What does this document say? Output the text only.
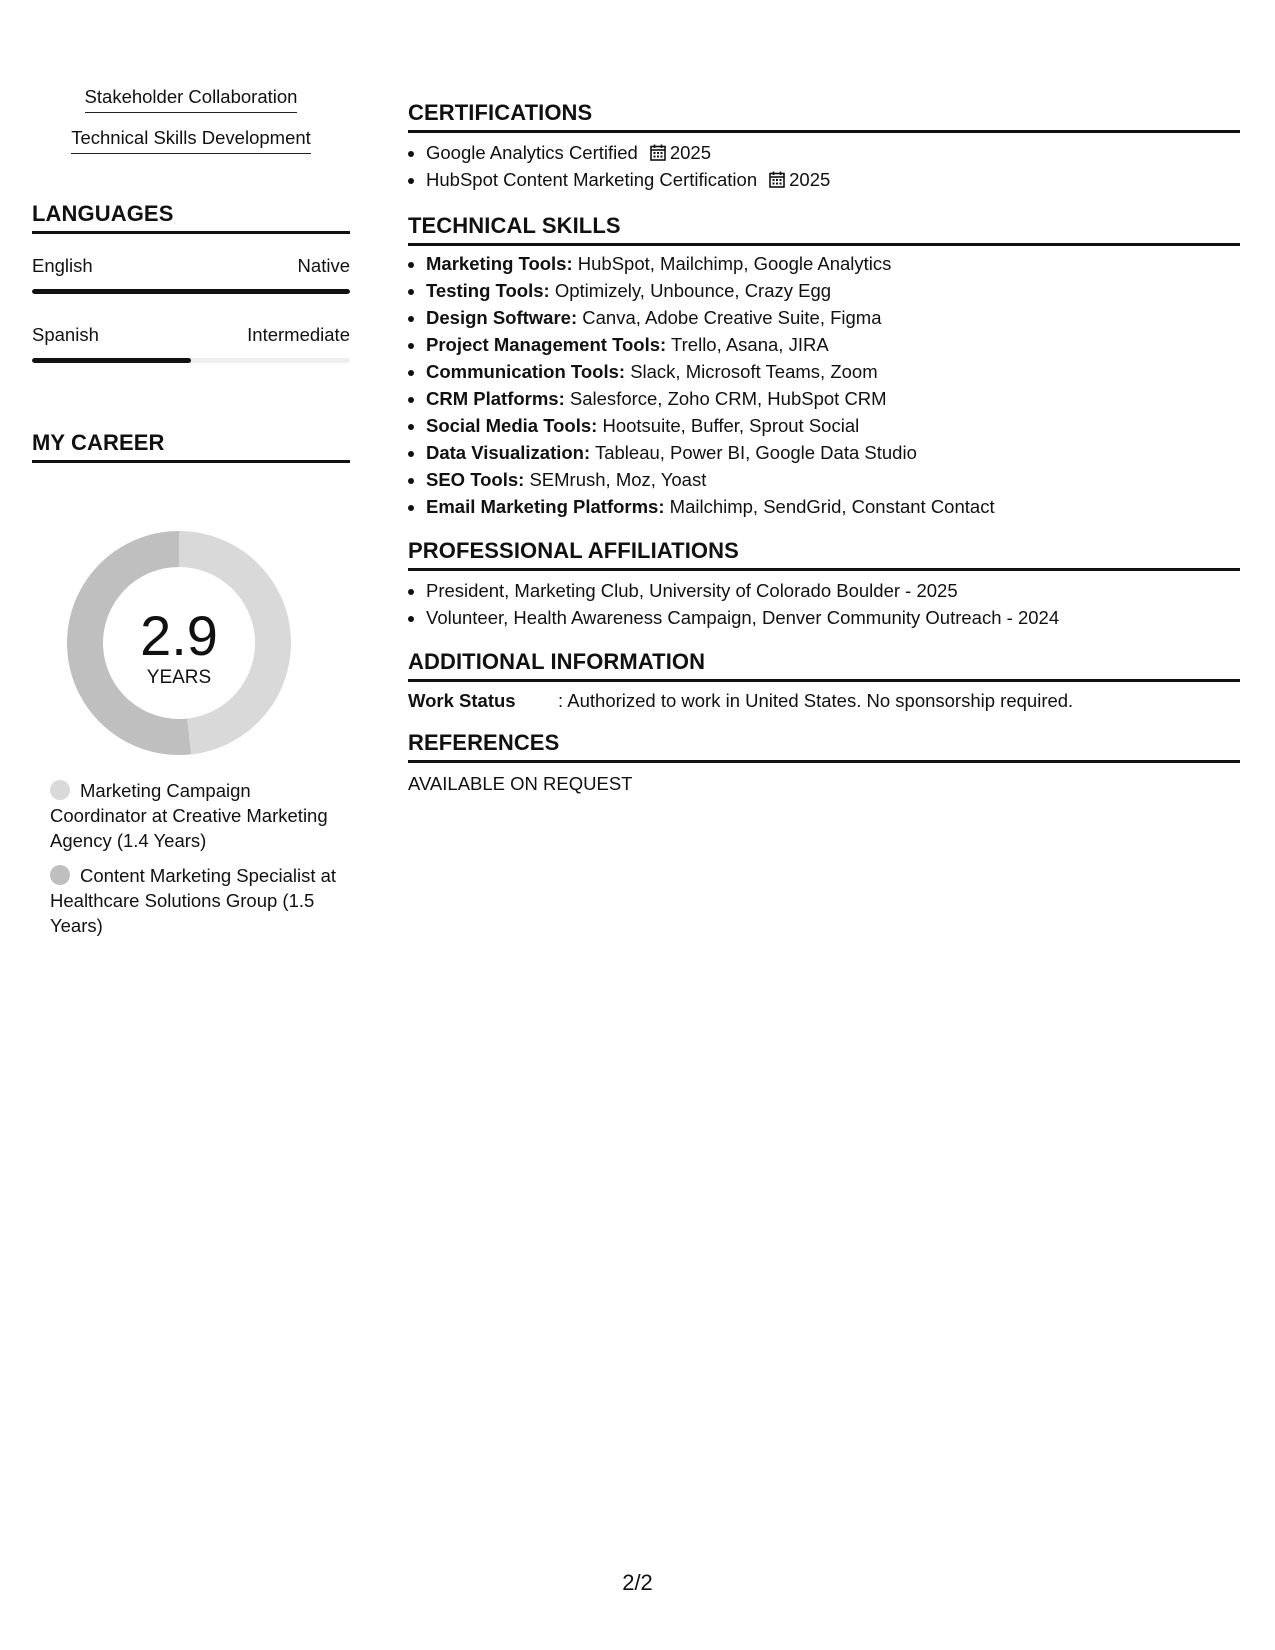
Stakeholder Collaboration
Technical Skills Development
LANGUAGES
English	Native
Spanish	Intermediate
MY CAREER
2.9
YEARS
Marketing Campaign Coordinator at Creative Marketing Agency (1.4 Years)
Content Marketing Specialist at Healthcare Solutions Group (1.5 Years)
CERTIFICATIONS
• Google Analytics Certified 2025
• HubSpot Content Marketing Certification 2025
TECHNICAL SKILLS
• Marketing Tools: HubSpot, Mailchimp, Google Analytics
• Testing Tools: Optimizely, Unbounce, Crazy Egg
• Design Software: Canva, Adobe Creative Suite, Figma
• Project Management Tools: Trello, Asana, JIRA
• Communication Tools: Slack, Microsoft Teams, Zoom
• CRM Platforms: Salesforce, Zoho CRM, HubSpot CRM
• Social Media Tools: Hootsuite, Buffer, Sprout Social
• Data Visualization: Tableau, Power BI, Google Data Studio
• SEO Tools: SEMrush, Moz, Yoast
• Email Marketing Platforms: Mailchimp, SendGrid, Constant Contact
PROFESSIONAL AFFILIATIONS
• President, Marketing Club, University of Colorado Boulder - 2025
• Volunteer, Health Awareness Campaign, Denver Community Outreach - 2024
ADDITIONAL INFORMATION
Work Status	: Authorized to work in United States. No sponsorship required.
REFERENCES
AVAILABLE ON REQUEST
2/2
